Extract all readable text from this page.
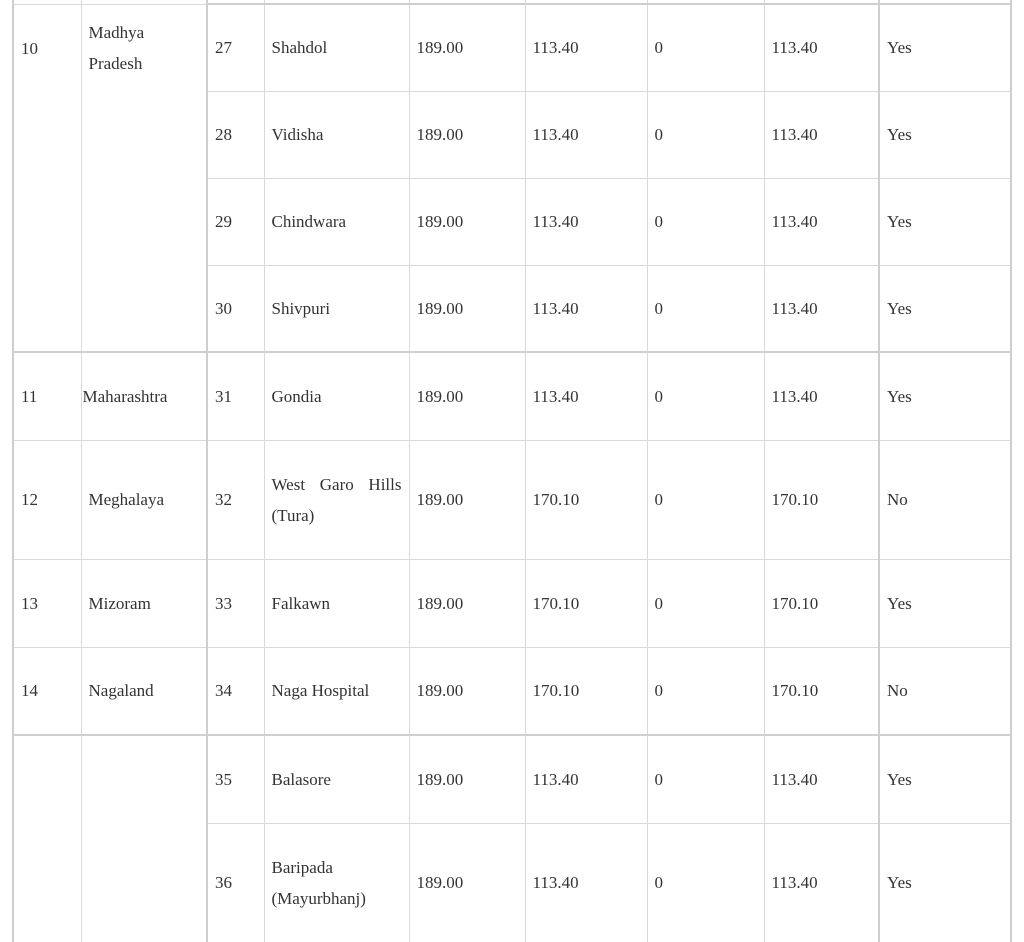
10	Madhya Pradesh	27	Shahdol	189.00	113.40	0	113.40	Yes
		28	Vidisha	189.00	113.40	0	113.40	Yes
		29	Chindwara	189.00	113.40	0	113.40	Yes
		30	Shivpuri	189.00	113.40	0	113.40	Yes
11	Maharashtra	31	Gondia	189.00	113.40	0	113.40	Yes
12	Meghalaya	32	West Garo Hills (Tura)	189.00	170.10	0	170.10	No
13	Mizoram	33	Falkawn	189.00	170.10	0	170.10	Yes
14	Nagaland	34	Naga Hospital	189.00	170.10	0	170.10	No
		35	Balasore	189.00	113.40	0	113.40	Yes
		36	Baripada (Mayurbhanj)	189.00	113.40	0	113.40	Yes
